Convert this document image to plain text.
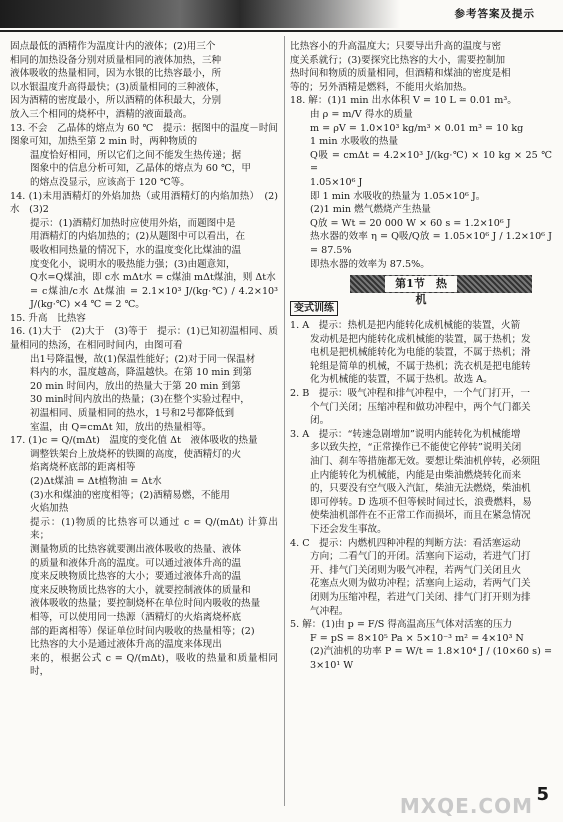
参考答案及提示
固点最低的酒精作为温度计内的液体；(2)用三个
相同的加热设备分别对质量相同的液体加热，三种
液体吸收的热量相同，因为水银的比热容最小，所
以水银温度升高得最快；(3)质量相同的三种液体，
因为酒精的密度最小，所以酒精的体积最大，分别
放入三个相同的烧杯中，酒精的液面最高。
13. 不会　乙晶体的熔点为 60 ℃　提示：据图中的温度－时间图象可知，加热至第 2 min 时，两种物质的
温度恰好相同，所以它们之间不能发生热传递；据
图象中的信息分析可知，乙晶体的熔点为 60 ℃，甲
的熔点没显示，应该高于 120 ℃等。
14. (1)未用酒精灯的外焰加热（或用酒精灯的内焰加热）　(2)水　(3)2
提示：(1)酒精灯加热时应使用外焰，而题图中是
用酒精灯的内焰加热的；(2)从题图中可以看出，在
吸收相同热量的情况下，水的温度变化比煤油的温
度变化小，说明水的吸热能力强；(3)由题意知，
Q水=Q煤油，即 c水 mΔt水 = c煤油 mΔt煤油，则 Δt水
= c煤油/c水 Δt煤油 = 2.1×10³ J/(kg·℃) / 4.2×10³ J/(kg·℃) ×4 ℃ = 2 ℃。
15. 升高　比热容
16. (1)大于　(2)大于　(3)等于　提示：(1)已知初温相同、质量相同的热汤，在相同时间内，由图可看
出1号降温慢，故(1)保温性能好；(2)对于同一保温材
料内的水，温度越高，降温越快。在第 10 min 到第
20 min 时间内，放出的热量大于第 20 min 到第
30 min时间内放出的热量；(3)在整个实验过程中，
初温相同、质量相同的热水，1号和2号都降低到
室温，由 Q=cmΔt 知，放出的热量相等。
17. (1)c = Q/(mΔt)　温度的变化值 Δt　液体吸收的热量
调整铁架台上放烧杯的铁圈的高度，使酒精灯的火
焰离烧杯底部的距离相等
(2)Δt煤油 = Δt植物油 = Δt水
(3)水和煤油的密度相等；(2)酒精易燃，不能用
火焰加热
提示：(1)物质的比热容可以通过 c = Q/(mΔt) 计算出来；
测量物质的比热容就要测出液体吸收的热量、液体
的质量和液体升高的温度。可以通过液体升高的温
度来反映物质比热容的大小；要通过液体升高的温
度来反映物质比热容的大小，就要控制液体的质量和
液体吸收的热量；要控制烧杯在单位时间内吸收的热量
相等，可以使用同一热源（酒精灯的火焰离烧杯底
部的距离相等）保证单位时间内吸收的热量相等；(2)
比热容的大小是通过液体升高的温度来体现出
来的，根据公式 c = Q/(mΔt)，吸收的热量和质量相同时，
比热容小的升高温度大；只要导出升高的温度与密
度关系就行；(3)要探究比热容的大小，需要控制加
热时间和物质的质量相同，但酒精和煤油的密度是相
等的；另外酒精是燃料，不能用火焰加热。
18. 解：(1)1 min 出水体积 V = 10 L = 0.01 m³。
由 ρ = m/V 得水的质量
m = ρV = 1.0×10³ kg/m³ × 0.01 m³ = 10 kg
1 min 水吸收的热量
Q吸 = cmΔt = 4.2×10³ J/(kg·℃) × 10 kg × 25 ℃ =
1.05×10⁶ J
即 1 min 水吸收的热量为 1.05×10⁶ J。
(2)1 min 燃气燃烧产生热量
Q放 = Wt = 20 000 W × 60 s = 1.2×10⁶ J
热水器的效率 η = Q吸/Q放 = 1.05×10⁶ J / 1.2×10⁶ J = 87.5%
即热水器的效率为 87.5%。
第1节　热　机
变式训练
1. A　提示：热机是把内能转化成机械能的装置，火箭
发动机是把内能转化成机械能的装置，属于热机；发
电机是把机械能转化为电能的装置，不属于热机；滑
轮组是简单的机械，不属于热机；洗衣机是把电能转
化为机械能的装置，不属于热机。故选 A。
2. B　提示：吸气冲程和排气冲程中，一个气门打开，一
个气门关闭；压缩冲程和做功冲程中，两个气门都关
闭。
3. A　提示：“转速急剧增加”说明内能转化为机械能增
多以致失控，“正常操作已不能使它停转”说明关闭
油门、刹车等措施都无效。要想让柴油机停转，必须阻
止内能转化为机械能，内能是由柴油燃烧转化而来
的，只要没有空气吸入汽缸，柴油无法燃烧，柴油机
即可停转。D 选项不但等候时间过长，浪费燃料，易
使柴油机部件在不正常工作而损坏，而且在紧急情况
下还会发生事故。
4. C　提示：内燃机四种冲程的判断方法：看活塞运动
方向；二看气门的开闭。活塞向下运动，若进气门打
开、排气门关闭则为吸气冲程，若两气门关闭且火
花塞点火则为做功冲程；活塞向上运动，若两气门关
闭则为压缩冲程，若进气门关闭、排气门打开则为排
气冲程。
5. 解：(1)由 p = F/S 得高温高压气体对活塞的压力
F = pS = 8×10⁵ Pa × 5×10⁻³ m² = 4×10³ N
(2)汽油机的功率 P = W/t = 1.8×10⁴ J / (10×60 s) = 3×10¹ W
MXQE.COM 5
